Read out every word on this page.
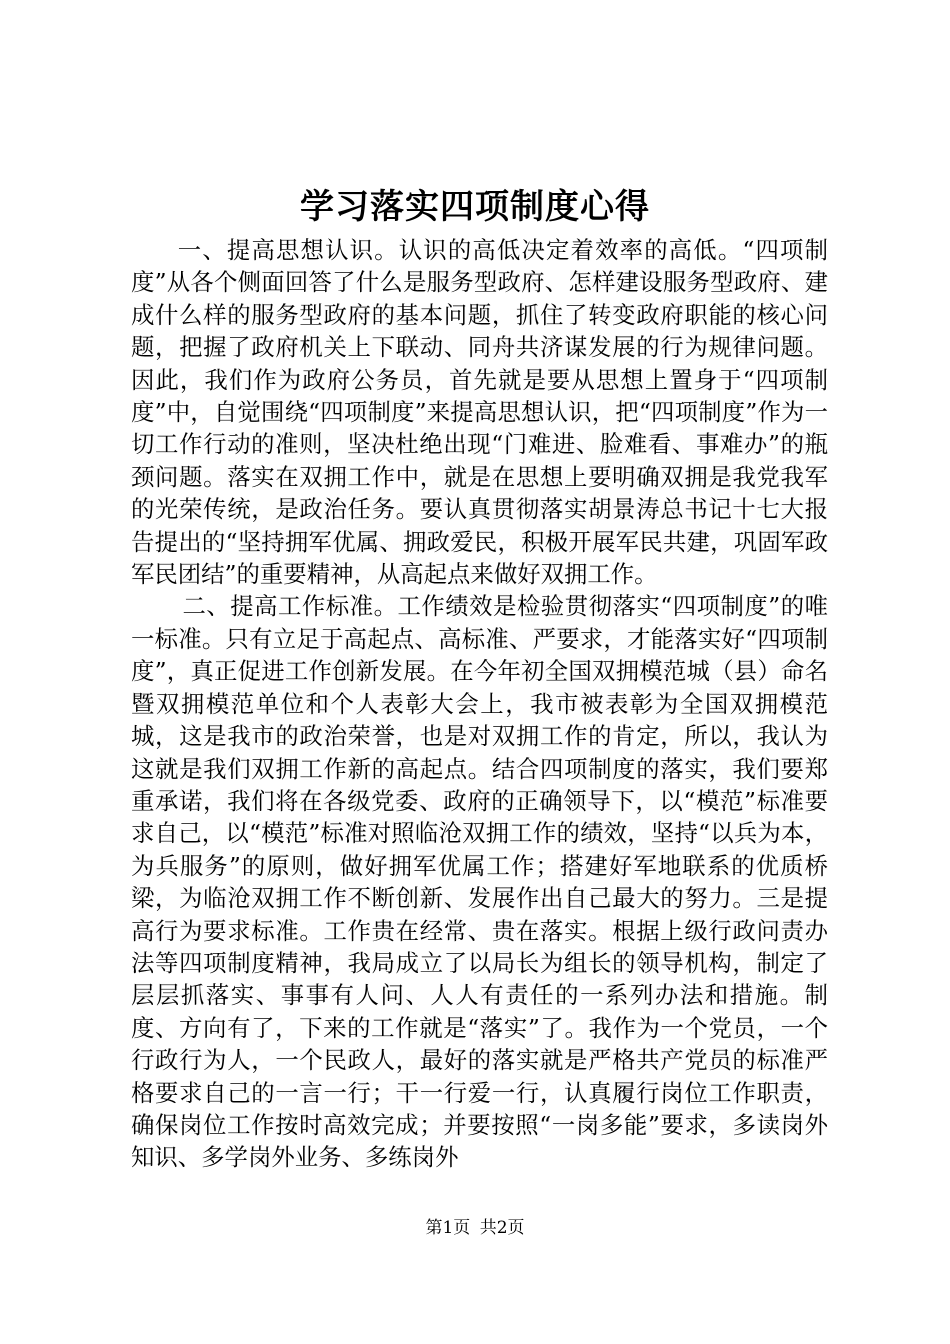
学习落实四项制度心得

一、提高思想认识。认识的高低决定着效率的高低。“四项制度”从各个侧面回答了什么是服务型政府、怎样建设服务型政府、建成什么样的服务型政府的基本问题，抓住了转变政府职能的核心问题，把握了政府机关上下联动、同舟共济谋发展的行为规律问题。因此，我们作为政府公务员，首先就是要从思想上置身于“四项制度”中，自觉围绕“四项制度”来提高思想认识，把“四项制度”作为一切工作行动的准则，坚决杜绝出现“门难进、脸难看、事难办”的瓶颈问题。落实在双拥工作中，就是在思想上要明确双拥是我党我军的光荣传统，是政治任务。要认真贯彻落实胡景涛总书记十七大报告提出的“坚持拥军优属、拥政爱民，积极开展军民共建，巩固军政军民团结”的重要精神，从高起点来做好双拥工作。

二、提高工作标准。工作绩效是检验贯彻落实“四项制度”的唯一标准。只有立足于高起点、高标准、严要求，才能落实好“四项制度”，真正促进工作创新发展。在今年初全国双拥模范城（县）命名暨双拥模范单位和个人表彰大会上，我市被表彰为全国双拥模范城，这是我市的政治荣誉，也是对双拥工作的肯定，所以，我认为这就是我们双拥工作新的高起点。结合四项制度的落实，我们要郑重承诺，我们将在各级党委、政府的正确领导下，以“模范”标准要求自己，以“模范”标准对照临沧双拥工作的绩效，坚持“以兵为本，为兵服务”的原则，做好拥军优属工作；搭建好军地联系的优质桥梁，为临沧双拥工作不断创新、发展作出自己最大的努力。三是提高行为要求标准。工作贵在经常、贵在落实。根据上级行政问责办法等四项制度精神，我局成立了以局长为组长的领导机构，制定了层层抓落实、事事有人问、人人有责任的一系列办法和措施。制度、方向有了，下来的工作就是“落实”了。我作为一个党员，一个行政行为人，一个民政人，最好的落实就是严格共产党员的标准严格要求自己的一言一行；干一行爱一行，认真履行岗位工作职责，确保岗位工作按时高效完成；并要按照“一岗多能”要求，多读岗外知识、多学岗外业务、多练岗外

第1页 共2页
